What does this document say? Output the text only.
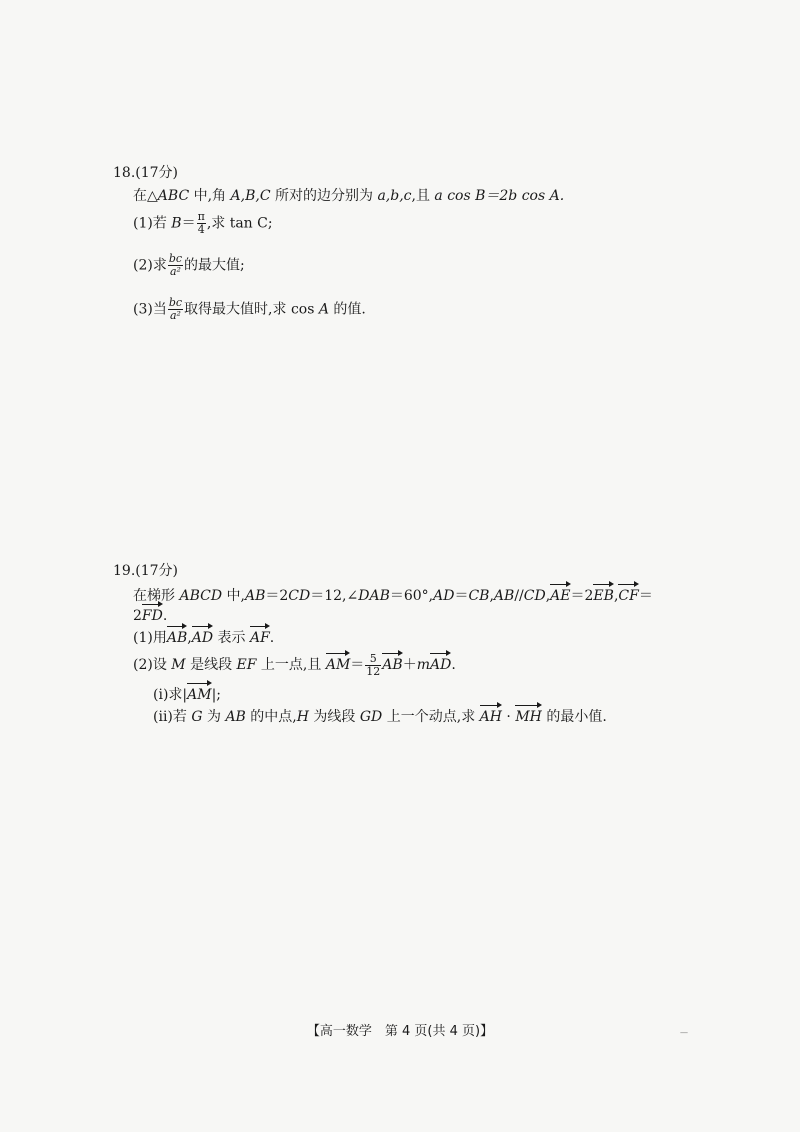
18.(17分)
在△ABC 中,角 A,B,C 所对的边分别为 a,b,c,且 a cos B＝2b cos A.
(1)若 $B= \frac{\pi}{4}$ ,求 tan C;
(2)求 $\frac{bc}{\text{a²}}$ 的最大值;
(3)当 $\frac{bc}{\text{a²}}$ 取得最大值时,求 cos A 的值.
19.(17分)
在梯形 ABCD 中,AB＝2CD＝12,∠DAB＝60°,AD＝CB,AB//CD,AE＝2EB,CF＝
2FD.
(1)用AB,AD 表示 AF.
(2)设 M 是线段 EF 上一点,且 $AM= \frac{5}{12} AB+mAD$.
(ⅰ)求|AM|;
(ⅱ)若 G 为 AB 的中点,H 为线段 GD 上一个动点,求 AH · MH 的最小值.
【高一数学　第 4 页(共 4 页)】	—
